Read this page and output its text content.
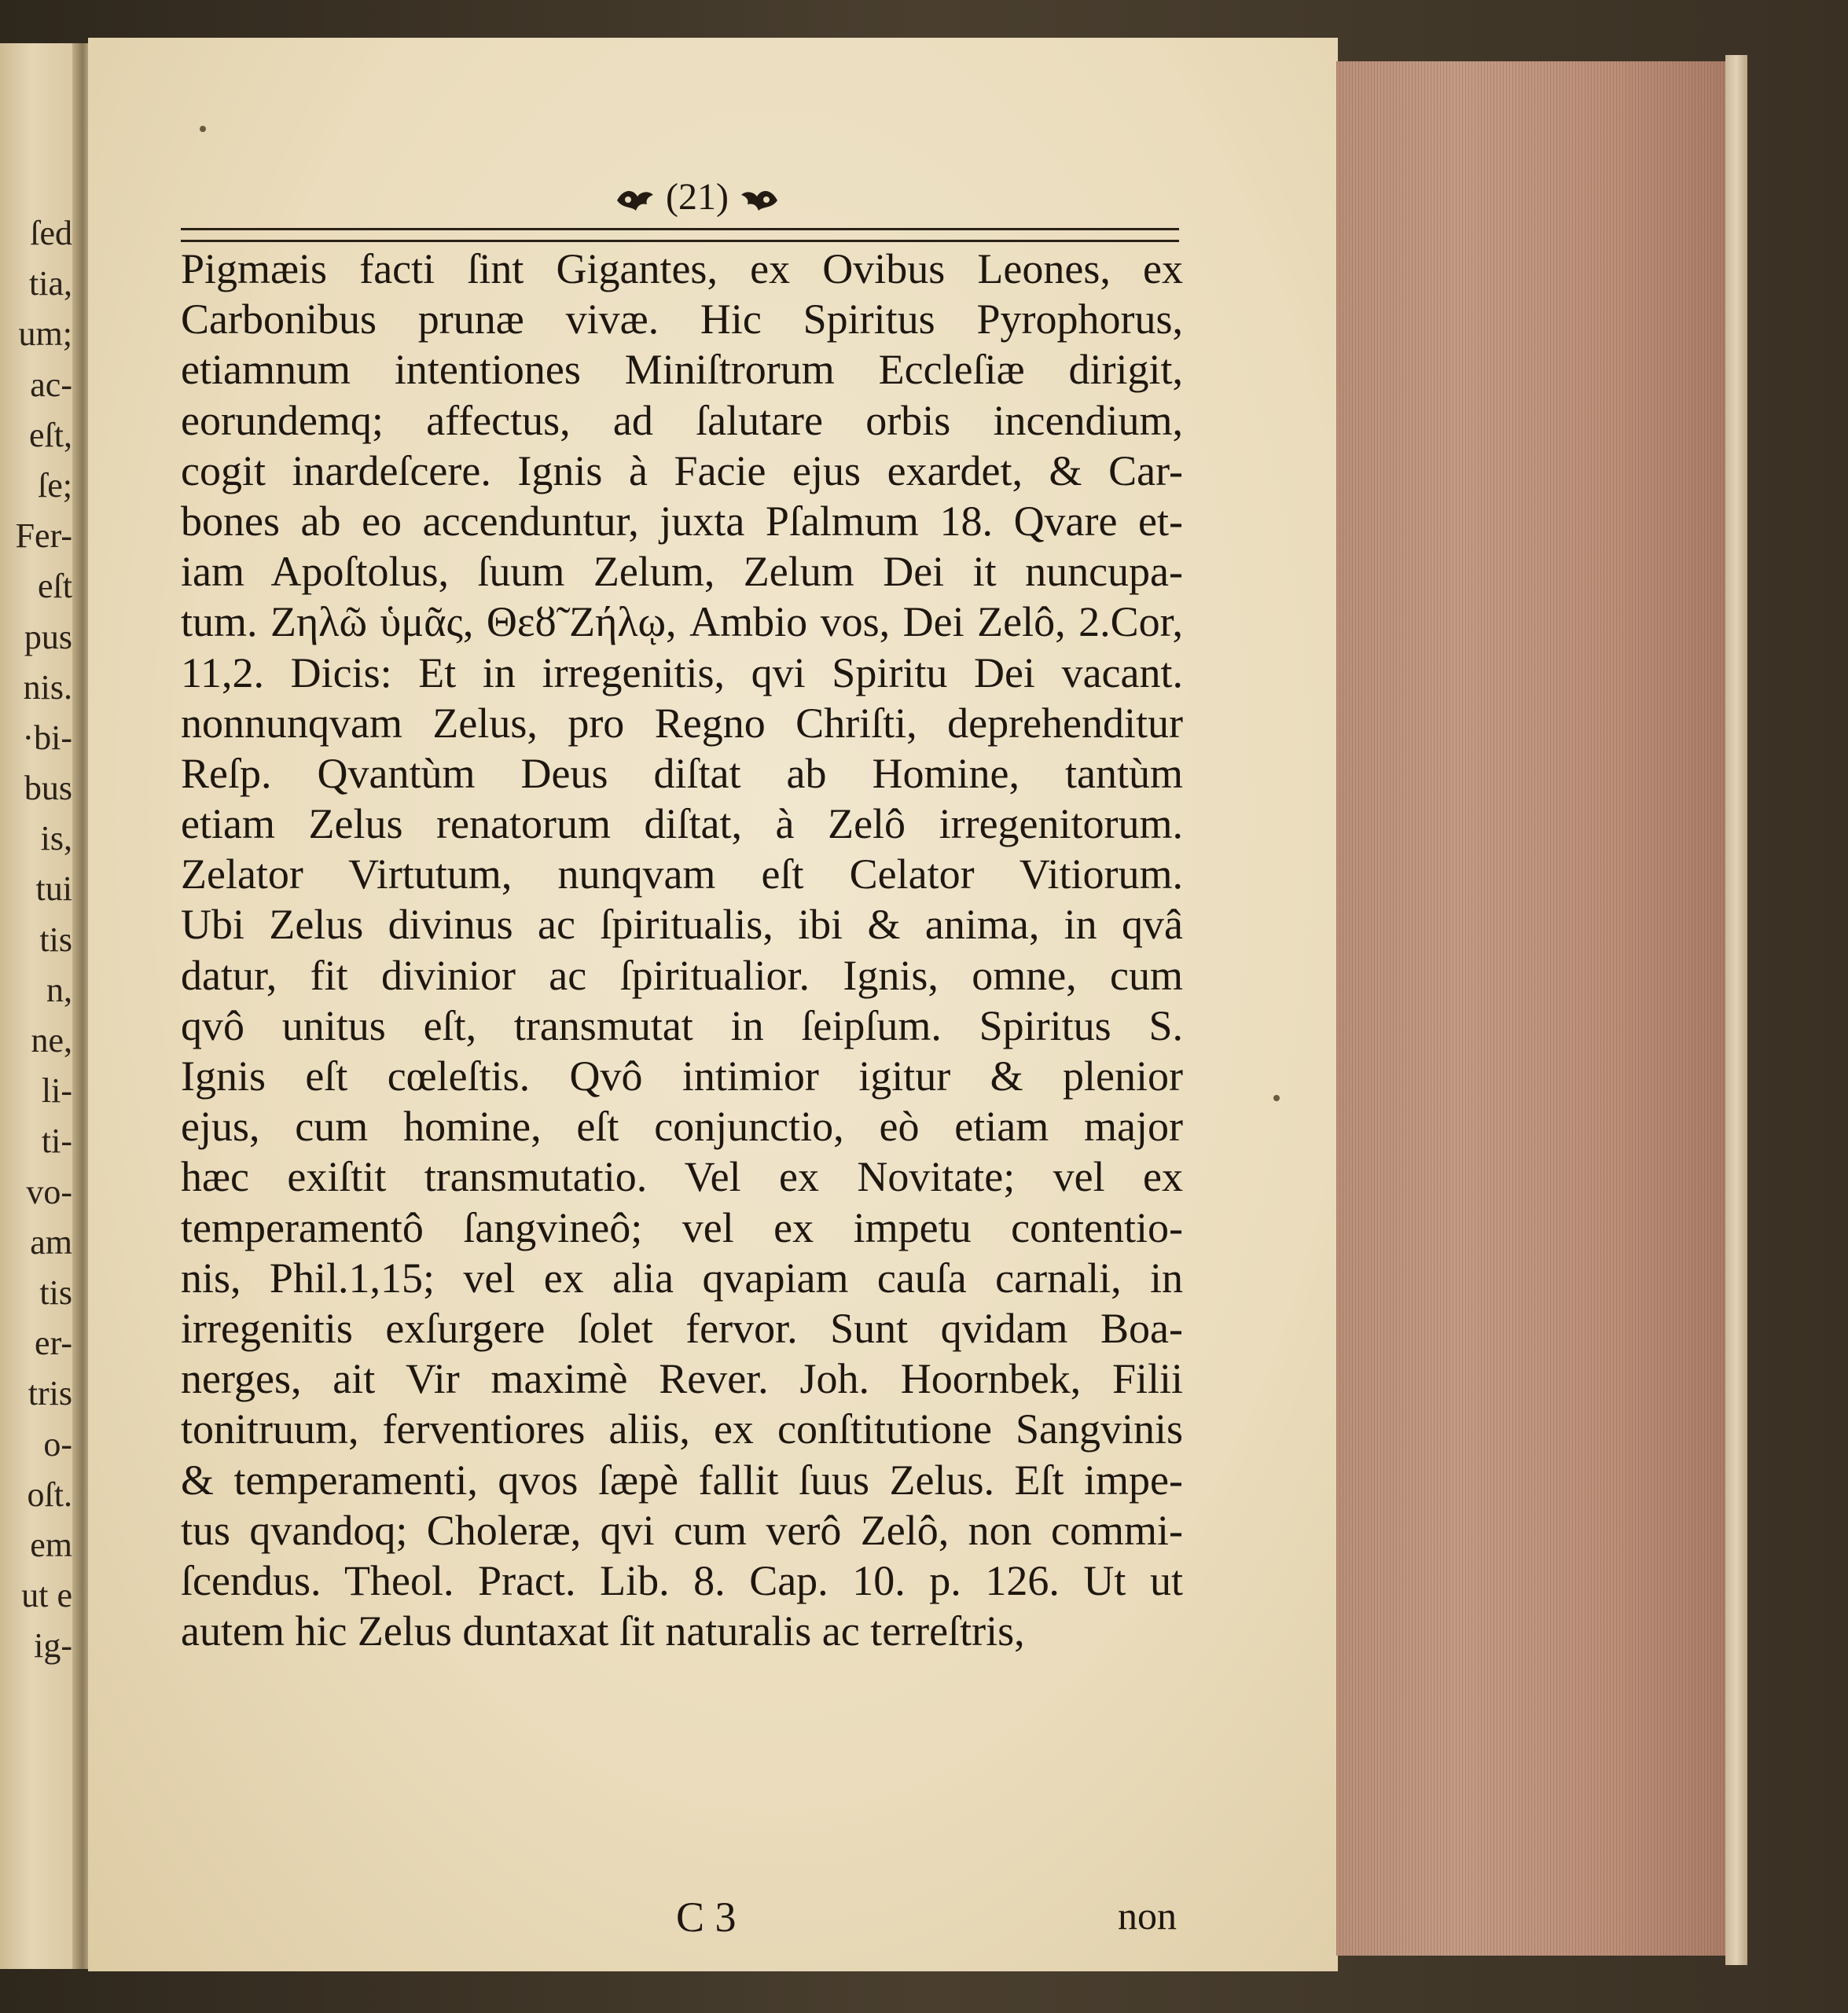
ſed
tia,
um;
ac-
eſt,
ſe;
Fer-
eſt
pus
nis.
·bi-
bus
is,
tui
tis
n,
ne,
li-
ti-
vo-
am
tis
er-
tris
o-
oſt.
em
ut e
ig-
(21)
Pigmæis facti ſint Gigantes, ex Ovibus Leones, ex
Carbonibus prunæ vivæ. Hic Spiritus Pyrophorus,
etiamnum intentiones Miniſtrorum Eccleſiæ dirigit,
eorundemq; affectus, ad ſalutare orbis incendium,
cogit inardeſcere. Ignis à Facie ejus exardet, & Car-
bones ab eo accenduntur, juxta Pſalmum 18. Qvare et-
iam Apoſtolus, ſuum Zelum, Zelum Dei it nuncupa-
tum. Ζηλῶ ὑμᾶς, Θεȣ̃ Ζήλῳ, Ambio vos, Dei Zelô, 2.Cor,
11,2. Dicis: Et in irregenitis, qvi Spiritu Dei vacant.
nonnunqvam Zelus, pro Regno Chriſti, deprehenditur
Reſp. Qvantùm Deus diſtat ab Homine, tantùm
etiam Zelus renatorum diſtat, à Zelô irregenitorum.
Zelator Virtutum, nunqvam eſt Celator Vitiorum.
Ubi Zelus divinus ac ſpiritualis, ibi & anima, in qvâ
datur, fit divinior ac ſpiritualior. Ignis, omne, cum
qvô unitus eſt, transmutat in ſeipſum. Spiritus S.
Ignis eſt cœleſtis. Qvô intimior igitur & plenior
ejus, cum homine, eſt conjunctio, eò etiam major
hæc exiſtit transmutatio. Vel ex Novitate; vel ex
temperamentô ſangvineô; vel ex impetu contentio-
nis, Phil.1,15; vel ex alia qvapiam cauſa carnali, in
irregenitis exſurgere ſolet fervor. Sunt qvidam Boa-
nerges, ait Vir maximè Rever. Joh. Hoornbek, Filii
tonitruum, ferventiores aliis, ex conſtitutione Sangvinis
& temperamenti, qvos ſæpè fallit ſuus Zelus. Eſt impe-
tus qvandoq; Choleræ, qvi cum verô Zelô, non commi-
ſcendus. Theol. Pract. Lib. 8. Cap. 10. p. 126. Ut ut
autem hic Zelus duntaxat ſit naturalis ac terreſtris,
C 3	non
